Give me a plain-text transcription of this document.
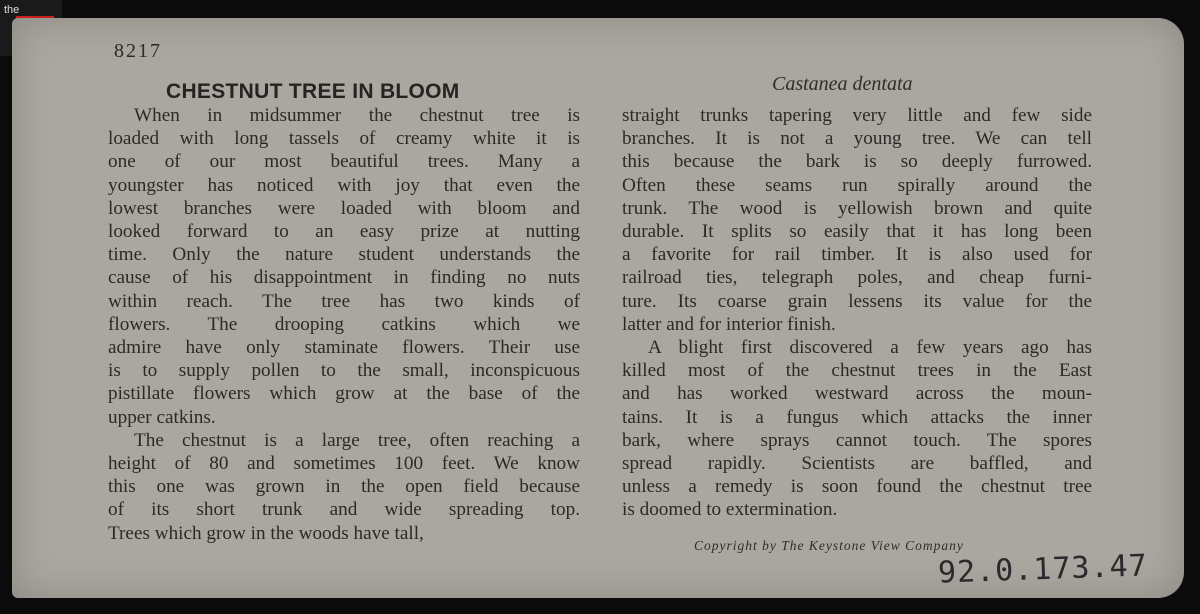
the
8217
CHESTNUT TREE IN BLOOM	Castanea dentata
When in midsummer the chestnut tree is
loaded with long tassels of creamy white it is
one of our most beautiful trees. Many a
youngster has noticed with joy that even the
lowest branches were loaded with bloom and
looked forward to an easy prize at nutting
time. Only the nature student understands the
cause of his disappointment in finding no nuts
within reach. The tree has two kinds of
flowers. The drooping catkins which we
admire have only staminate flowers. Their use
is to supply pollen to the small, inconspicuous
pistillate flowers which grow at the base of the
upper catkins.
The chestnut is a large tree, often reaching a
height of 80 and sometimes 100 feet. We know
this one was grown in the open field because
of its short trunk and wide spreading top.
Trees which grow in the woods have tall,
straight trunks tapering very little and few side
branches. It is not a young tree. We can tell
this because the bark is so deeply furrowed.
Often these seams run spirally around the
trunk. The wood is yellowish brown and quite
durable. It splits so easily that it has long been
a favorite for rail timber. It is also used for
railroad ties, telegraph poles, and cheap furni-
ture. Its coarse grain lessens its value for the
latter and for interior finish.
A blight first discovered a few years ago has
killed most of the chestnut trees in the East
and has worked westward across the moun-
tains. It is a fungus which attacks the inner
bark, where sprays cannot touch. The spores
spread rapidly. Scientists are baffled, and
unless a remedy is soon found the chestnut tree
is doomed to extermination.
Copyright by The Keystone View Company
92.0.173.47
